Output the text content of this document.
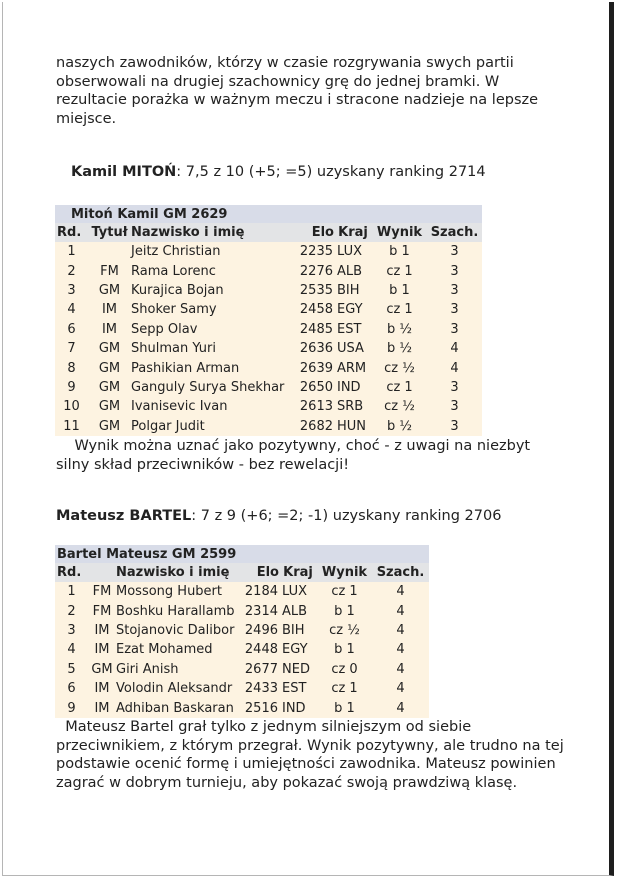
naszych zawodników, którzy w czasie rozgrywania swych partii obserwowali na drugiej szachownicy grę do jednej bramki. W rezultacie porażka w ważnym meczu i stracone nadzieje na lepsze miejsce.

Kamil MITOŃ: 7,5 z 10 (+5; =5) uzyskany ranking 2714

Mitoń Kamil GM 2629						
Rd.	Tytuł	Nazwisko i imię	Elo	Kraj	Wynik	Szach.
1		Jeitz Christian	2235	LUX	b 1	3
2	FM	Rama Lorenc	2276	ALB	cz 1	3
3	GM	Kurajica Bojan	2535	BIH	b 1	3
4	IM	Shoker Samy	2458	EGY	cz 1	3
6	IM	Sepp Olav	2485	EST	b ½	3
7	GM	Shulman Yuri	2636	USA	b ½	4
8	GM	Pashikian Arman	2639	ARM	cz ½	4
9	GM	Ganguly Surya Shekhar	2650	IND	cz 1	3
10	GM	Ivanisevic Ivan	2613	SRB	cz ½	3
11	GM	Polgar Judit	2682	HUN	b ½	3

Wynik można uznać jako pozytywny, choć - z uwagi na niezbyt silny skład przeciwników - bez rewelacji!

Mateusz BARTEL: 7 z 9 (+6; =2; -1) uzyskany ranking 2706

Bartel Mateusz GM 2599						
Rd.		Nazwisko i imię	Elo	Kraj	Wynik	Szach.
1	FM	Mossong Hubert	2184	LUX	cz 1	4
2	FM	Boshku Harallamb	2314	ALB	b 1	4
3	IM	Stojanovic Dalibor	2496	BIH	cz ½	4
4	IM	Ezat Mohamed	2448	EGY	b 1	4
5	GM	Giri Anish	2677	NED	cz 0	4
6	IM	Volodin Aleksandr	2433	EST	cz 1	4
9	IM	Adhiban Baskaran	2516	IND	b 1	4

Mateusz Bartel grał tylko z jednym silniejszym od siebie przeciwnikiem, z którym przegrał. Wynik pozytywny, ale trudno na tej podstawie ocenić formę i umiejętności zawodnika. Mateusz powinien zagrać w dobrym turnieju, aby pokazać swoją prawdziwą klasę.
